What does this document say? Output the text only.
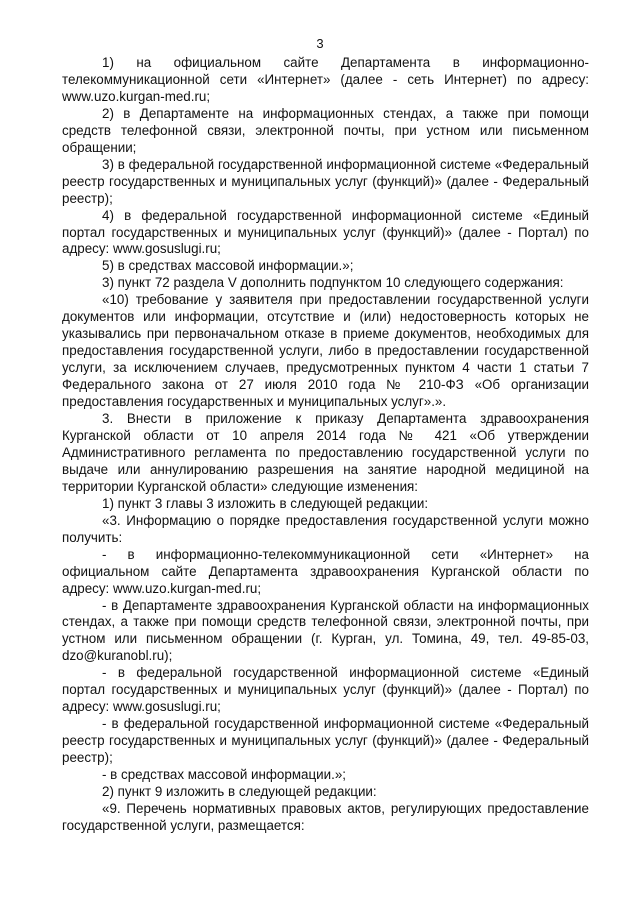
3

1) на официальном сайте Департамента в информационно-телекоммуникационной сети «Интернет» (далее - сеть Интернет) по адресу: www.uzo.kurgan-med.ru;

2) в Департаменте на информационных стендах, а также при помощи средств телефонной связи, электронной почты, при устном или письменном обращении;

3) в федеральной государственной информационной системе «Федеральный реестр государственных и муниципальных услуг (функций)» (далее - Федеральный реестр);

4) в федеральной государственной информационной системе «Единый портал государственных и муниципальных услуг (функций)» (далее - Портал) по адресу: www.gosuslugi.ru;

5) в средствах массовой информации.»;

3) пункт 72 раздела V дополнить подпунктом 10 следующего содержания:

«10) требование у заявителя при предоставлении государственной услуги документов или информации, отсутствие и (или) недостоверность которых не указывались при первоначальном отказе в приеме документов, необходимых для предоставления государственной услуги, либо в предоставлении государственной услуги, за исключением случаев, предусмотренных пунктом 4 части 1 статьи 7 Федерального закона от 27 июля 2010 года № 210-ФЗ «Об организации предоставления государственных и муниципальных услуг».».

3. Внести в приложение к приказу Департамента здравоохранения Курганской области от 10 апреля 2014 года № 421 «Об утверждении Административного регламента по предоставлению государственной услуги по выдаче или аннулированию разрешения на занятие народной медициной на территории Курганской области» следующие изменения:

1) пункт 3 главы 3 изложить в следующей редакции:

«3. Информацию о порядке предоставления государственной услуги можно получить:

- в информационно-телекоммуникационной сети «Интернет» на официальном сайте Департамента здравоохранения Курганской области по адресу: www.uzo.kurgan-med.ru;

- в Департаменте здравоохранения Курганской области на информационных стендах, а также при помощи средств телефонной связи, электронной почты, при устном или письменном обращении (г. Курган, ул. Томина, 49, тел. 49-85-03, dzo@kuranobl.ru);

- в федеральной государственной информационной системе «Единый портал государственных и муниципальных услуг (функций)» (далее - Портал) по адресу: www.gosuslugi.ru;

- в федеральной государственной информационной системе «Федеральный реестр государственных и муниципальных услуг (функций)» (далее - Федеральный реестр);

- в средствах массовой информации.»;

2) пункт 9 изложить в следующей редакции:

«9. Перечень нормативных правовых актов, регулирующих предоставление государственной услуги, размещается:
